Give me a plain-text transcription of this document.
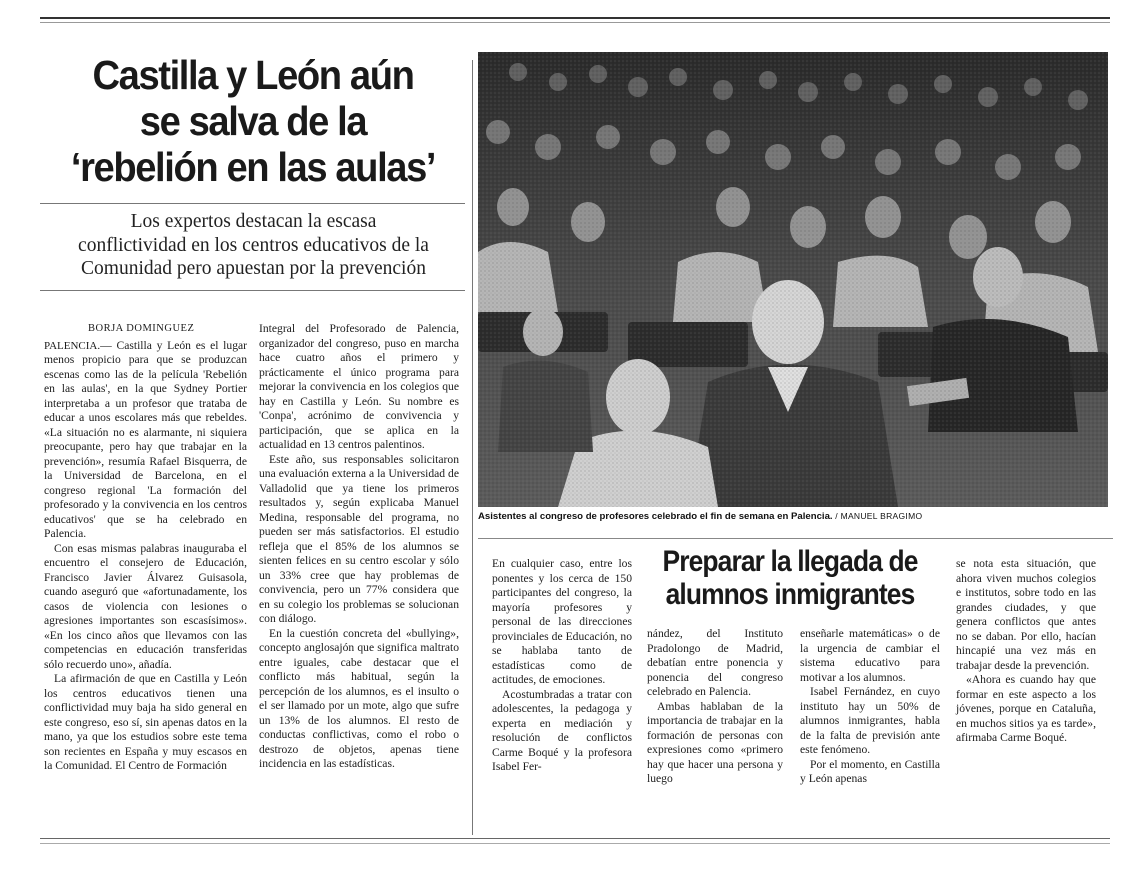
Castilla y León aún
se salva de la
‘rebelión en las aulas’
Los expertos destacan la escasa
conflictividad en los centros educativos de la
Comunidad pero apuestan por la prevención
BORJA DOMINGUEZ

PALENCIA.— Castilla y León es el lugar menos propicio para que se produzcan escenas como las de la película 'Rebelión en las aulas', en la que Sydney Portier interpretaba a un profesor que trataba de educar a unos escolares más que rebeldes. «La situación no es alarmante, ni siquiera preocupante, pero hay que trabajar en la prevención», resumía Rafael Bisquerra, de la Universidad de Barcelona, en el congreso regional 'La formación del profesorado y la convivencia en los centros educativos' que se ha celebrado en Palencia.

Con esas mismas palabras inauguraba el encuentro el consejero de Educación, Francisco Javier Álvarez Guisasola, cuando aseguró que «afortunadamente, los casos de violencia con lesiones o agresiones importantes son escasísimos». «En los cinco años que llevamos con las competencias en educación transferidas sólo recuerdo uno», añadía.

La afirmación de que en Castilla y León los centros educativos tienen una conflictividad muy baja ha sido general en este congreso, eso sí, sin apenas datos en la mano, ya que los estudios sobre este tema son recientes en España y muy escasos en la Comunidad. El Centro de Formación

Integral del Profesorado de Palencia, organizador del congreso, puso en marcha hace cuatro años el primero y prácticamente el único programa para mejorar la convivencia en los colegios que hay en Castilla y León. Su nombre es 'Conpa', acrónimo de convivencia y participación, que se aplica en la actualidad en 13 centros palentinos.

Este año, sus responsables solicitaron una evaluación externa a la Universidad de Valladolid que ya tiene los primeros resultados y, según explicaba Manuel Medina, responsable del programa, no pueden ser más satisfactorios. El estudio refleja que el 85% de los alumnos se sienten felices en su centro escolar y sólo un 33% cree que hay problemas de convivencia, pero un 77% considera que en su colegio los problemas se solucionan con diálogo.

En la cuestión concreta del «bullying», concepto anglosajón que significa maltrato entre iguales, cabe destacar que el conflicto más habitual, según la percepción de los alumnos, es el insulto o el ser llamado por un mote, algo que sufre un 13% de los alumnos. El resto de conductas conflictivas, como el robo o destrozo de objetos, apenas tiene incidencia en las estadísticas.

Asistentes al congreso de profesores celebrado el fin de semana en Palencia. / MANUEL BRAGIMO

En cualquier caso, entre los ponentes y los cerca de 150 participantes del congreso, la mayoría profesores y personal de las direcciones provinciales de Educación, no se hablaba tanto de estadísticas como de actitudes, de emociones.

Acostumbradas a tratar con adolescentes, la pedagoga y experta en mediación y resolución de conflictos Carme Boqué y la profesora Isabel Fer-

Preparar la llegada de
alumnos inmigrantes

nández, del Instituto Pradolongo de Madrid, debatían entre ponencia y ponencia del congreso celebrado en Palencia.

Ambas hablaban de la importancia de trabajar en la formación de personas con expresiones como «primero hay que hacer una persona y luego

enseñarle matemáticas» o de la urgencia de cambiar el sistema educativo para motivar a los alumnos.

Isabel Fernández, en cuyo instituto hay un 50% de alumnos inmigrantes, habla de la falta de previsión ante este fenómeno.

Por el momento, en Castilla y León apenas

se nota esta situación, que ahora viven muchos colegios e institutos, sobre todo en las grandes ciudades, y que genera conflictos que antes no se daban. Por ello, hacían hincapié una vez más en trabajar desde la prevención.

«Ahora es cuando hay que formar en este aspecto a los jóvenes, porque en Cataluña, en muchos sitios ya es tarde», afirmaba Carme Boqué.
